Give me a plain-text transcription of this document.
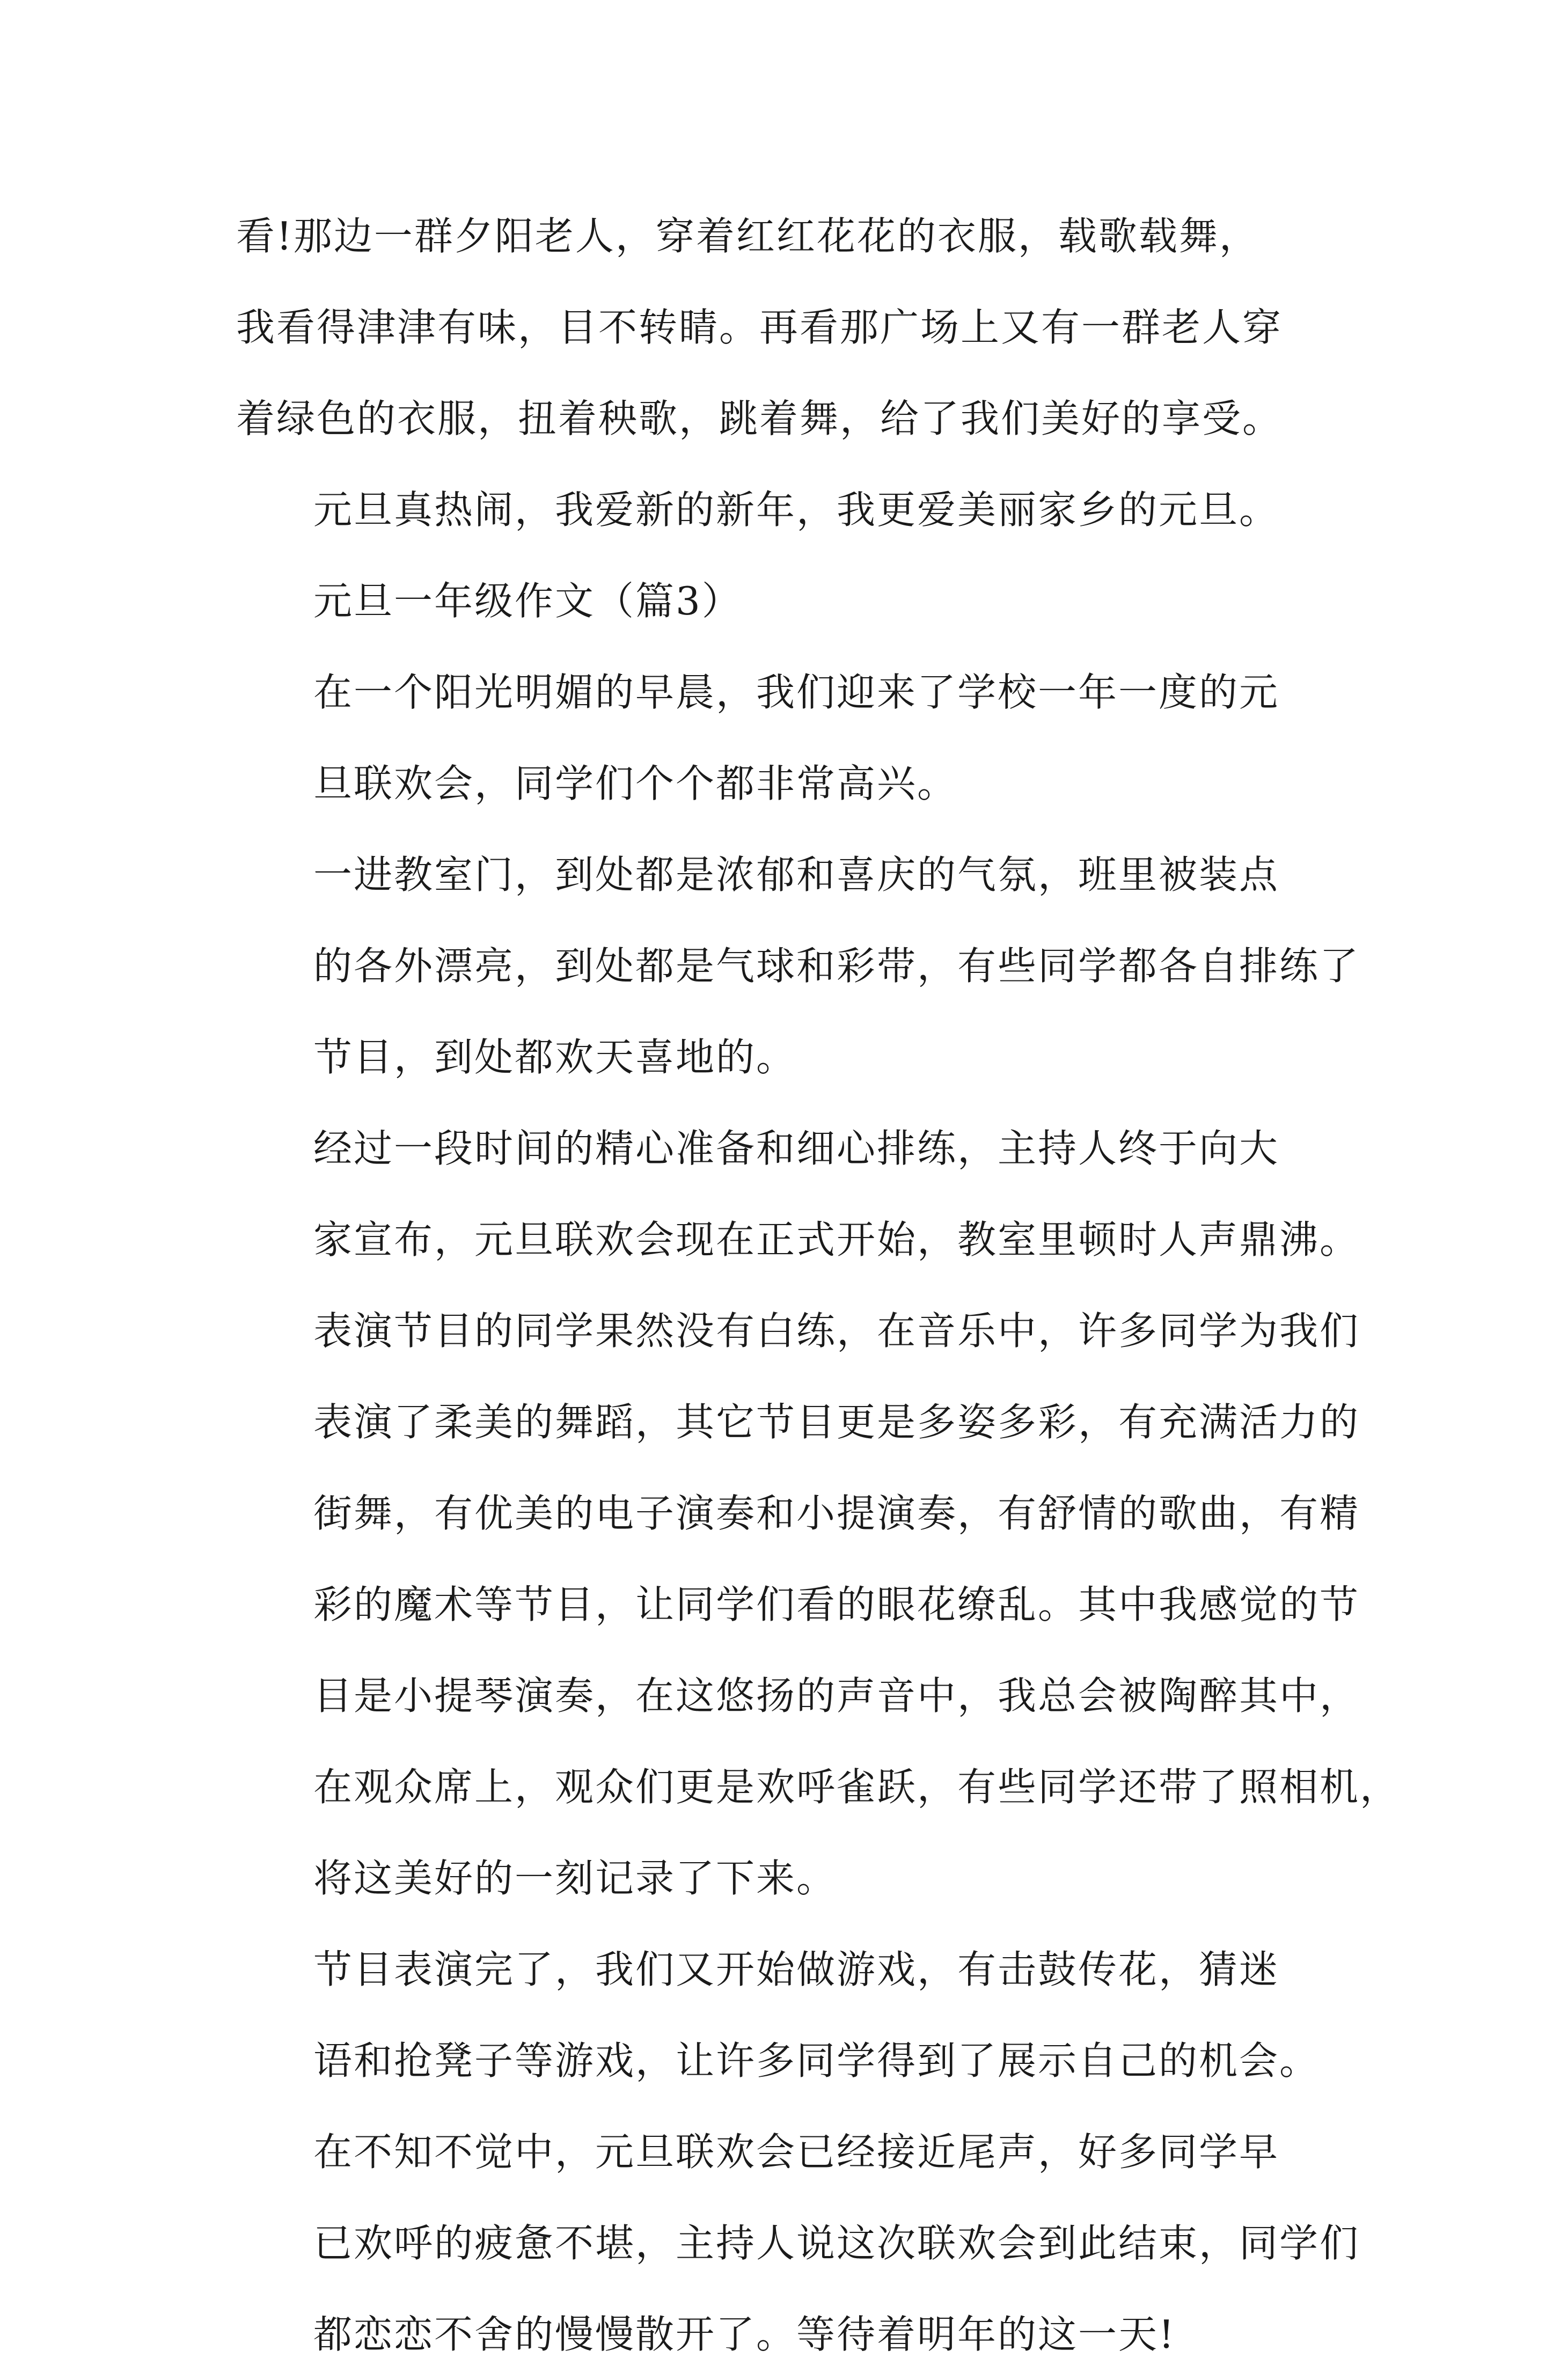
看!那边一群夕阳老人，穿着红红花花的衣服，载歌载舞，
我看得津津有味，目不转睛。再看那广场上又有一群老人穿
着绿色的衣服，扭着秧歌，跳着舞，给了我们美好的享受。

元旦真热闹，我爱新的新年，我更爱美丽家乡的元旦。

元旦一年级作文（篇3）

在一个阳光明媚的早晨，我们迎来了学校一年一度的元
旦联欢会，同学们个个都非常高兴。

一进教室门，到处都是浓郁和喜庆的气氛，班里被装点
的各外漂亮，到处都是气球和彩带，有些同学都各自排练了
节目，到处都欢天喜地的。

经过一段时间的精心准备和细心排练，主持人终于向大
家宣布，元旦联欢会现在正式开始，教室里顿时人声鼎沸。
表演节目的同学果然没有白练，在音乐中，许多同学为我们
表演了柔美的舞蹈，其它节目更是多姿多彩，有充满活力的
街舞，有优美的电子演奏和小提演奏，有舒情的歌曲，有精
彩的魔术等节目，让同学们看的眼花缭乱。其中我感觉的节
目是小提琴演奏，在这悠扬的声音中，我总会被陶醉其中，
在观众席上，观众们更是欢呼雀跃，有些同学还带了照相机，
将这美好的一刻记录了下来。

节目表演完了，我们又开始做游戏，有击鼓传花，猜迷
语和抢凳子等游戏，让许多同学得到了展示自己的机会。

在不知不觉中，元旦联欢会已经接近尾声，好多同学早
已欢呼的疲惫不堪，主持人说这次联欢会到此结束，同学们
都恋恋不舍的慢慢散开了。等待着明年的这一天!
